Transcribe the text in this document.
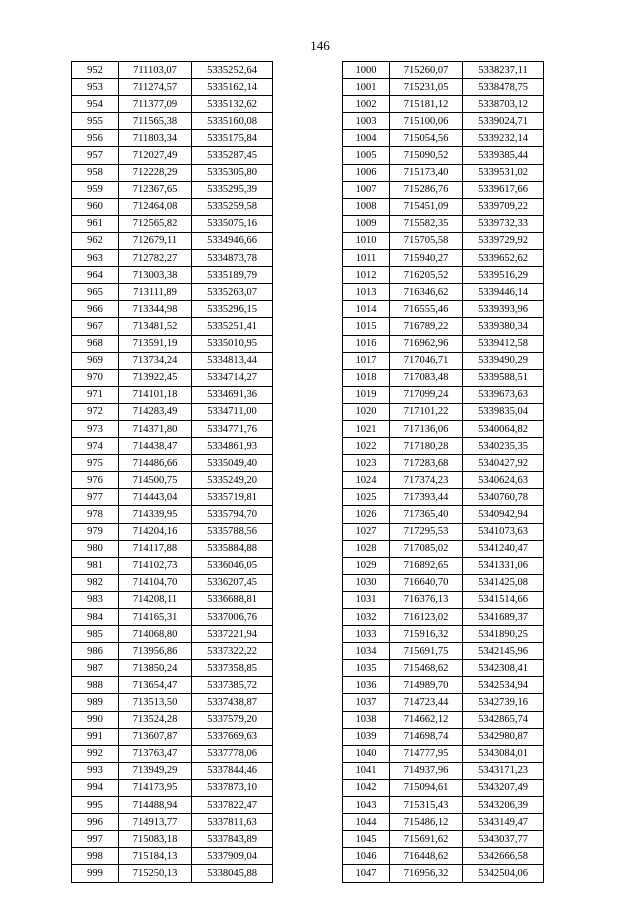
146
952	711103,07	5335252,64
953	711274,57	5335162,14
954	711377,09	5335132,62
955	711565,38	5335160,08
956	711803,34	5335175,84
957	712027,49	5335287,45
958	712228,29	5335305,80
959	712367,65	5335295,39
960	712464,08	5335259,58
961	712565,82	5335075,16
962	712679,11	5334946,66
963	712782,27	5334873,78
964	713003,38	5335189,79
965	713111,89	5335263,07
966	713344,98	5335296,15
967	713481,52	5335251,41
968	713591,19	5335010,95
969	713734,24	5334813,44
970	713922,45	5334714,27
971	714101,18	5334691,36
972	714283,49	5334711,00
973	714371,80	5334771,76
974	714438,47	5334861,93
975	714486,66	5335049,40
976	714500,75	5335249,20
977	714443,04	5335719,81
978	714339,95	5335794,70
979	714204,16	5335788,56
980	714117,88	5335884,88
981	714102,73	5336046,05
982	714104,70	5336207,45
983	714208,11	5336688,81
984	714165,31	5337006,76
985	714068,80	5337221,94
986	713956,86	5337322,22
987	713850,24	5337358,85
988	713654,47	5337385,72
989	713513,50	5337438,87
990	713524,28	5337579,20
991	713607,87	5337669,63
992	713763,47	5337778,06
993	713949,29	5337844,46
994	714173,95	5337873,10
995	714488,94	5337822,47
996	714913,77	5337811,63
997	715083,18	5337843,89
998	715184,13	5337909,04
999	715250,13	5338045,88
1000	715260,07	5338237,11
1001	715231,05	5338478,75
1002	715181,12	5338703,12
1003	715100,06	5339024,71
1004	715054,56	5339232,14
1005	715090,52	5339385,44
1006	715173,40	5339531,02
1007	715286,76	5339617,66
1008	715451,09	5339709,22
1009	715582,35	5339732,33
1010	715705,58	5339729,92
1011	715940,27	5339652,62
1012	716205,52	5339516,29
1013	716346,62	5339446,14
1014	716555,46	5339393,96
1015	716789,22	5339380,34
1016	716962,96	5339412,58
1017	717046,71	5339490,29
1018	717083,48	5339588,51
1019	717099,24	5339673,63
1020	717101,22	5339835,04
1021	717136,06	5340064,82
1022	717180,28	5340235,35
1023	717283,68	5340427,92
1024	717374,23	5340624,63
1025	717393,44	5340760,78
1026	717365,40	5340942,94
1027	717295,53	5341073,63
1028	717085,02	5341240,47
1029	716892,65	5341331,06
1030	716640,70	5341425,08
1031	716376,13	5341514,66
1032	716123,02	5341689,37
1033	715916,32	5341890,25
1034	715691,75	5342145,96
1035	715468,62	5342308,41
1036	714989,70	5342534,94
1037	714723,44	5342739,16
1038	714662,12	5342865,74
1039	714698,74	5342980,87
1040	714777,95	5343084,01
1041	714937,96	5343171,23
1042	715094,61	5343207,49
1043	715315,43	5343206,39
1044	715486,12	5343149,47
1045	715691,62	5343037,77
1046	716448,62	5342666,58
1047	716956,32	5342504,06
